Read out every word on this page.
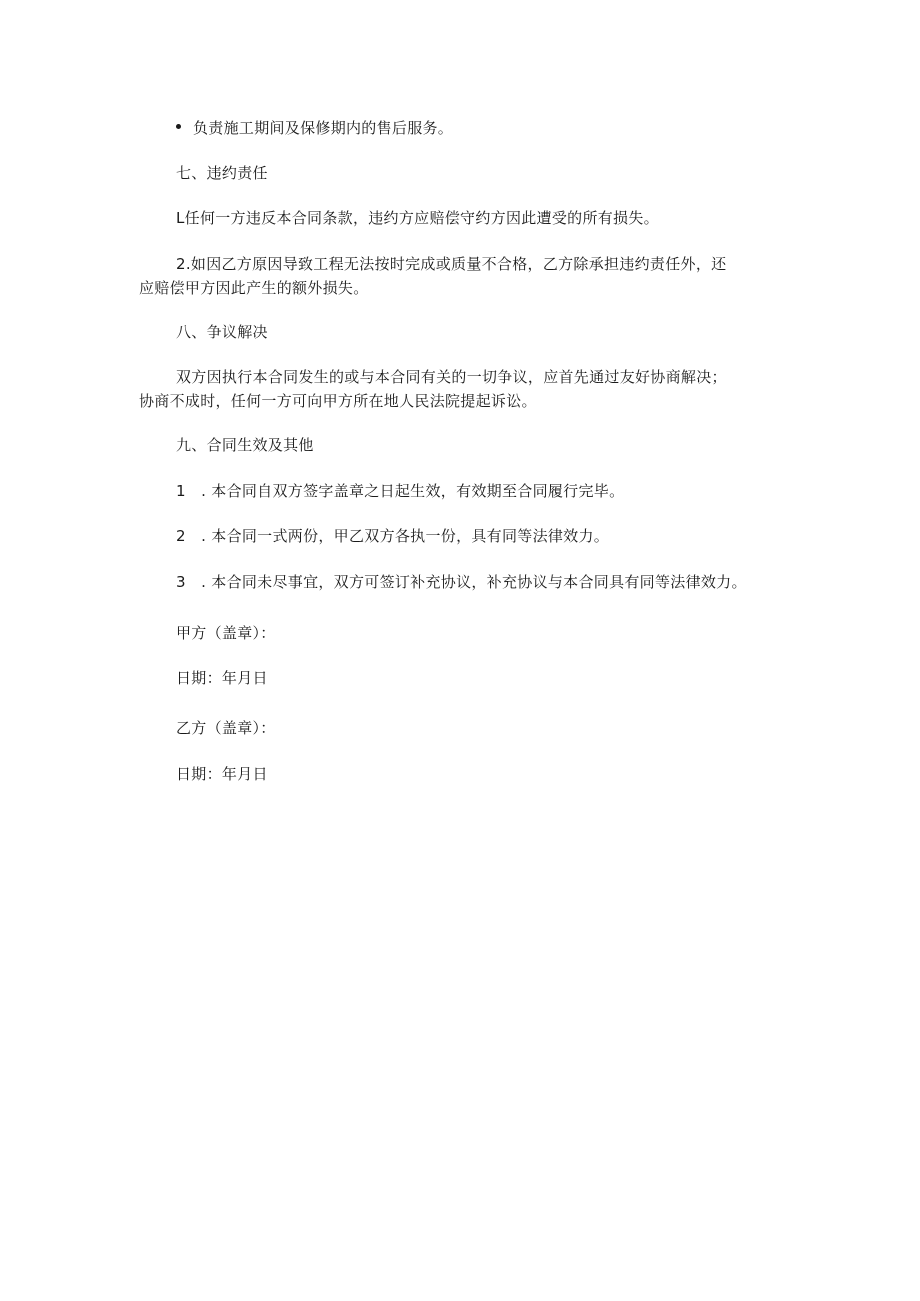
负责施工期间及保修期内的售后服务。
七、违约责任
L任何一方违反本合同条款，违约方应赔偿守约方因此遭受的所有损失。
2.如因乙方原因导致工程无法按时完成或质量不合格，乙方除承担违约责任外，还
应赔偿甲方因此产生的额外损失。
八、争议解决
双方因执行本合同发生的或与本合同有关的一切争议，应首先通过友好协商解决；
协商不成时，任何一方可向甲方所在地人民法院提起诉讼。
九、合同生效及其他
1　. 本合同自双方签字盖章之日起生效，有效期至合同履行完毕。
2　. 本合同一式两份，甲乙双方各执一份，具有同等法律效力。
3　. 本合同未尽事宜，双方可签订补充协议，补充协议与本合同具有同等法律效力。
甲方（盖章）：
日期：年月日
乙方（盖章）：
日期：年月日
